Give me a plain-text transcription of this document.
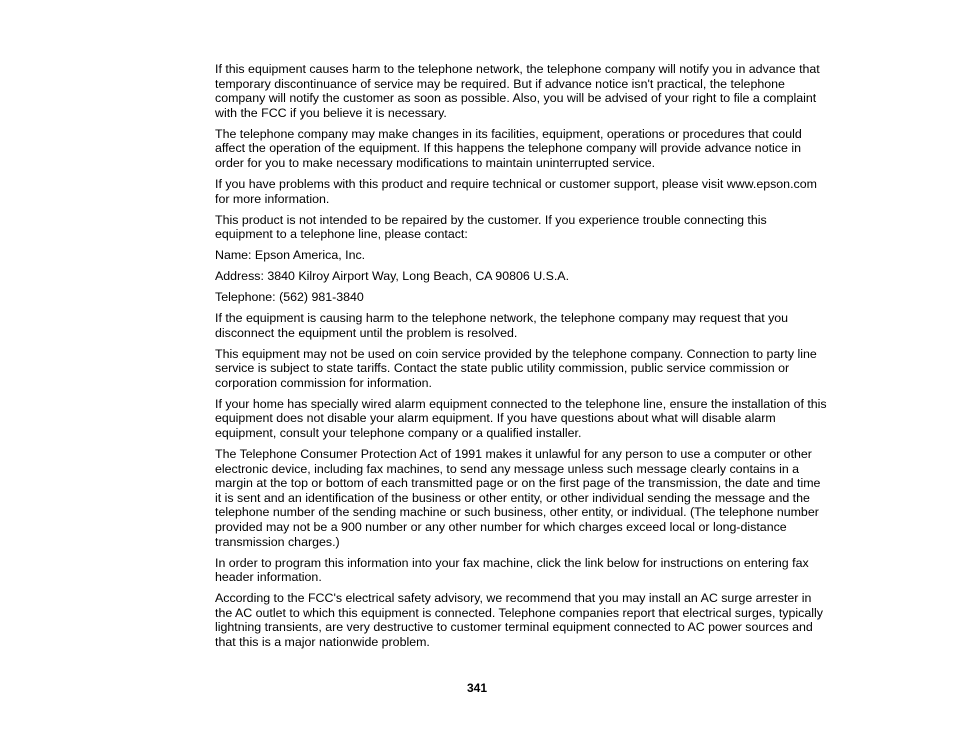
If this equipment causes harm to the telephone network, the telephone company will notify you in advance that temporary discontinuance of service may be required. But if advance notice isn't practical, the telephone company will notify the customer as soon as possible. Also, you will be advised of your right to file a complaint with the FCC if you believe it is necessary.

The telephone company may make changes in its facilities, equipment, operations or procedures that could affect the operation of the equipment. If this happens the telephone company will provide advance notice in order for you to make necessary modifications to maintain uninterrupted service.

If you have problems with this product and require technical or customer support, please visit www.epson.com for more information.

This product is not intended to be repaired by the customer. If you experience trouble connecting this equipment to a telephone line, please contact:

Name: Epson America, Inc.

Address: 3840 Kilroy Airport Way, Long Beach, CA 90806 U.S.A.

Telephone: (562) 981-3840

If the equipment is causing harm to the telephone network, the telephone company may request that you disconnect the equipment until the problem is resolved.

This equipment may not be used on coin service provided by the telephone company. Connection to party line service is subject to state tariffs. Contact the state public utility commission, public service commission or corporation commission for information.

If your home has specially wired alarm equipment connected to the telephone line, ensure the installation of this equipment does not disable your alarm equipment. If you have questions about what will disable alarm equipment, consult your telephone company or a qualified installer.

The Telephone Consumer Protection Act of 1991 makes it unlawful for any person to use a computer or other electronic device, including fax machines, to send any message unless such message clearly contains in a margin at the top or bottom of each transmitted page or on the first page of the transmission, the date and time it is sent and an identification of the business or other entity, or other individual sending the message and the telephone number of the sending machine or such business, other entity, or individual. (The telephone number provided may not be a 900 number or any other number for which charges exceed local or long-distance transmission charges.)

In order to program this information into your fax machine, click the link below for instructions on entering fax header information.

According to the FCC's electrical safety advisory, we recommend that you may install an AC surge arrester in the AC outlet to which this equipment is connected. Telephone companies report that electrical surges, typically lightning transients, are very destructive to customer terminal equipment connected to AC power sources and that this is a major nationwide problem.

341
